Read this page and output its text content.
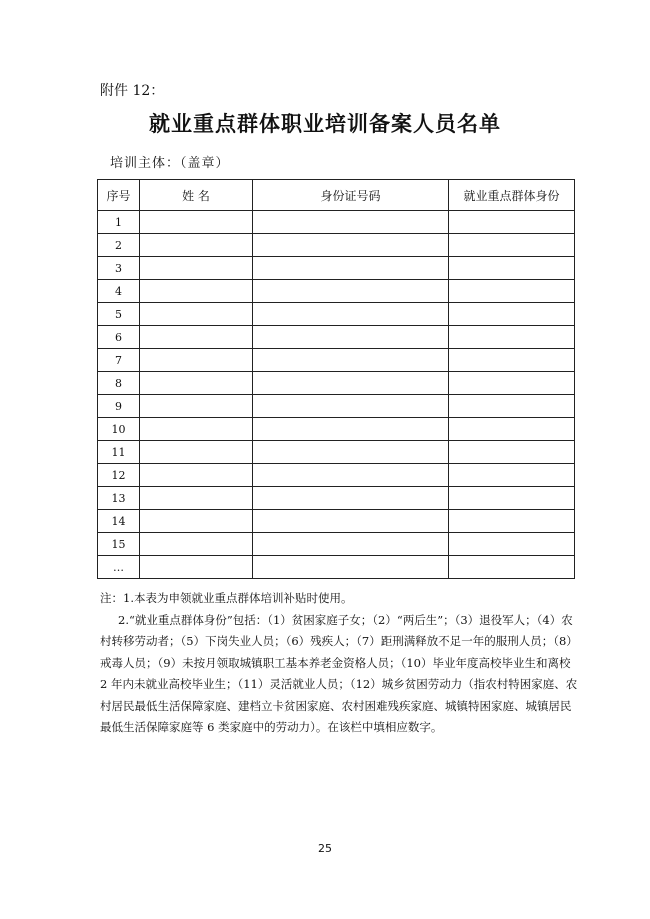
附件 12：
就业重点群体职业培训备案人员名单
培训主体：（盖章）
序号	姓 名	身份证号码	就业重点群体身份
1			
2			
3			
4			
5			
6			
7			
8			
9			
10			
11			
12			
13			
14			
15			
…			

注：1.本表为申领就业重点群体培训补贴时使用。

2.“就业重点群体身份”包括：（1）贫困家庭子女；（2）“两后生”；（3）退役军人；（4）农村转移劳动者；（5）下岗失业人员；（6）残疾人；（7）距刑满释放不足一年的服刑人员；（8）戒毒人员；（9）未按月领取城镇职工基本养老金资格人员；（10）毕业年度高校毕业生和离校 2 年内未就业高校毕业生；（11）灵活就业人员；（12）城乡贫困劳动力（指农村特困家庭、农村居民最低生活保障家庭、建档立卡贫困家庭、农村困难残疾家庭、城镇特困家庭、城镇居民最低生活保障家庭等 6 类家庭中的劳动力）。在该栏中填相应数字。

25
